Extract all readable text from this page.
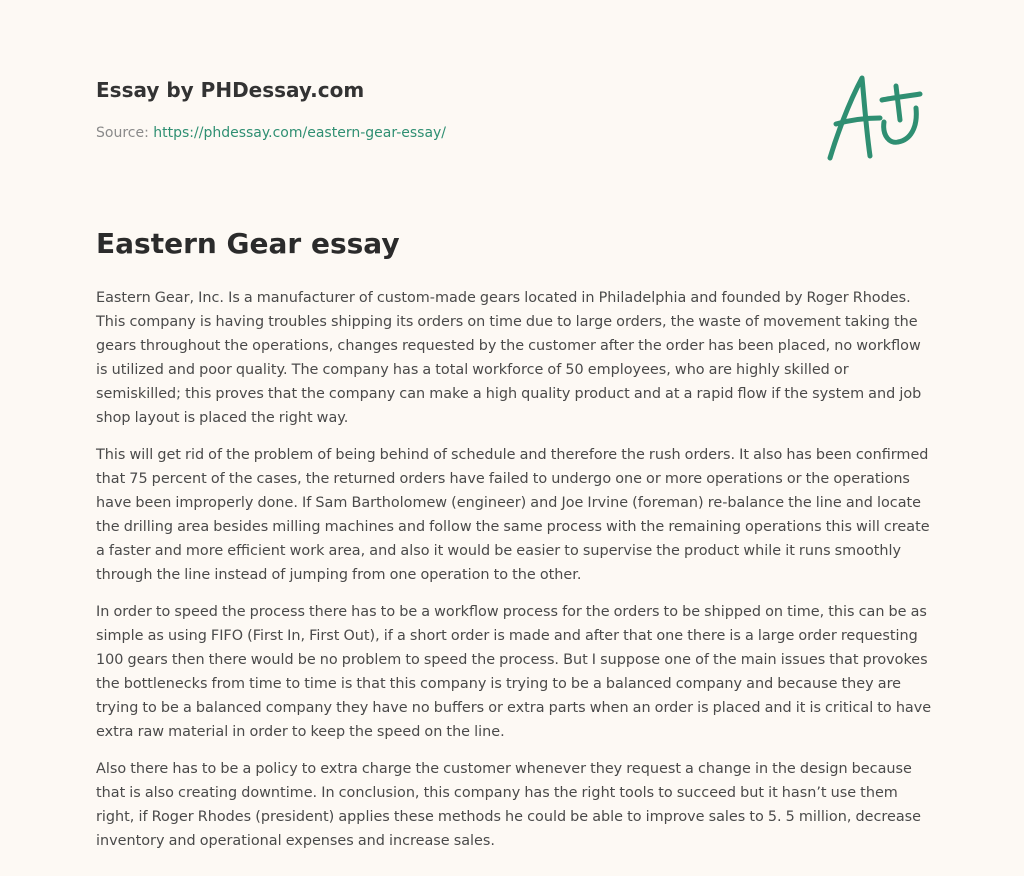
Essay by PHDessay.com
Source: https://phdessay.com/eastern-gear-essay/
Eastern Gear essay

Eastern Gear, Inc. Is a manufacturer of custom-made gears located in Philadelphia and founded by Roger Rhodes. This company is having troubles shipping its orders on time due to large orders, the waste of movement taking the gears throughout the operations, changes requested by the customer after the order has been placed, no workflow is utilized and poor quality. The company has a total workforce of 50 employees, who are highly skilled or semiskilled; this proves that the company can make a high quality product and at a rapid flow if the system and job shop layout is placed the right way.

This will get rid of the problem of being behind of schedule and therefore the rush orders. It also has been confirmed that 75 percent of the cases, the returned orders have failed to undergo one or more operations or the operations have been improperly done. If Sam Bartholomew (engineer) and Joe Irvine (foreman) re-balance the line and locate the drilling area besides milling machines and follow the same process with the remaining operations this will create a faster and more efficient work area, and also it would be easier to supervise the product while it runs smoothly through the line instead of jumping from one operation to the other.

In order to speed the process there has to be a workflow process for the orders to be shipped on time, this can be as simple as using FIFO (First In, First Out), if a short order is made and after that one there is a large order requesting 100 gears then there would be no problem to speed the process. But I suppose one of the main issues that provokes the bottlenecks from time to time is that this company is trying to be a balanced company and because they are trying to be a balanced company they have no buffers or extra parts when an order is placed and it is critical to have extra raw material in order to keep the speed on the line.

Also there has to be a policy to extra charge the customer whenever they request a change in the design because that is also creating downtime. In conclusion, this company has the right tools to succeed but it hasn’t use them right, if Roger Rhodes (president) applies these methods he could be able to improve sales to 5. 5 million, decrease inventory and operational expenses and increase sales.
